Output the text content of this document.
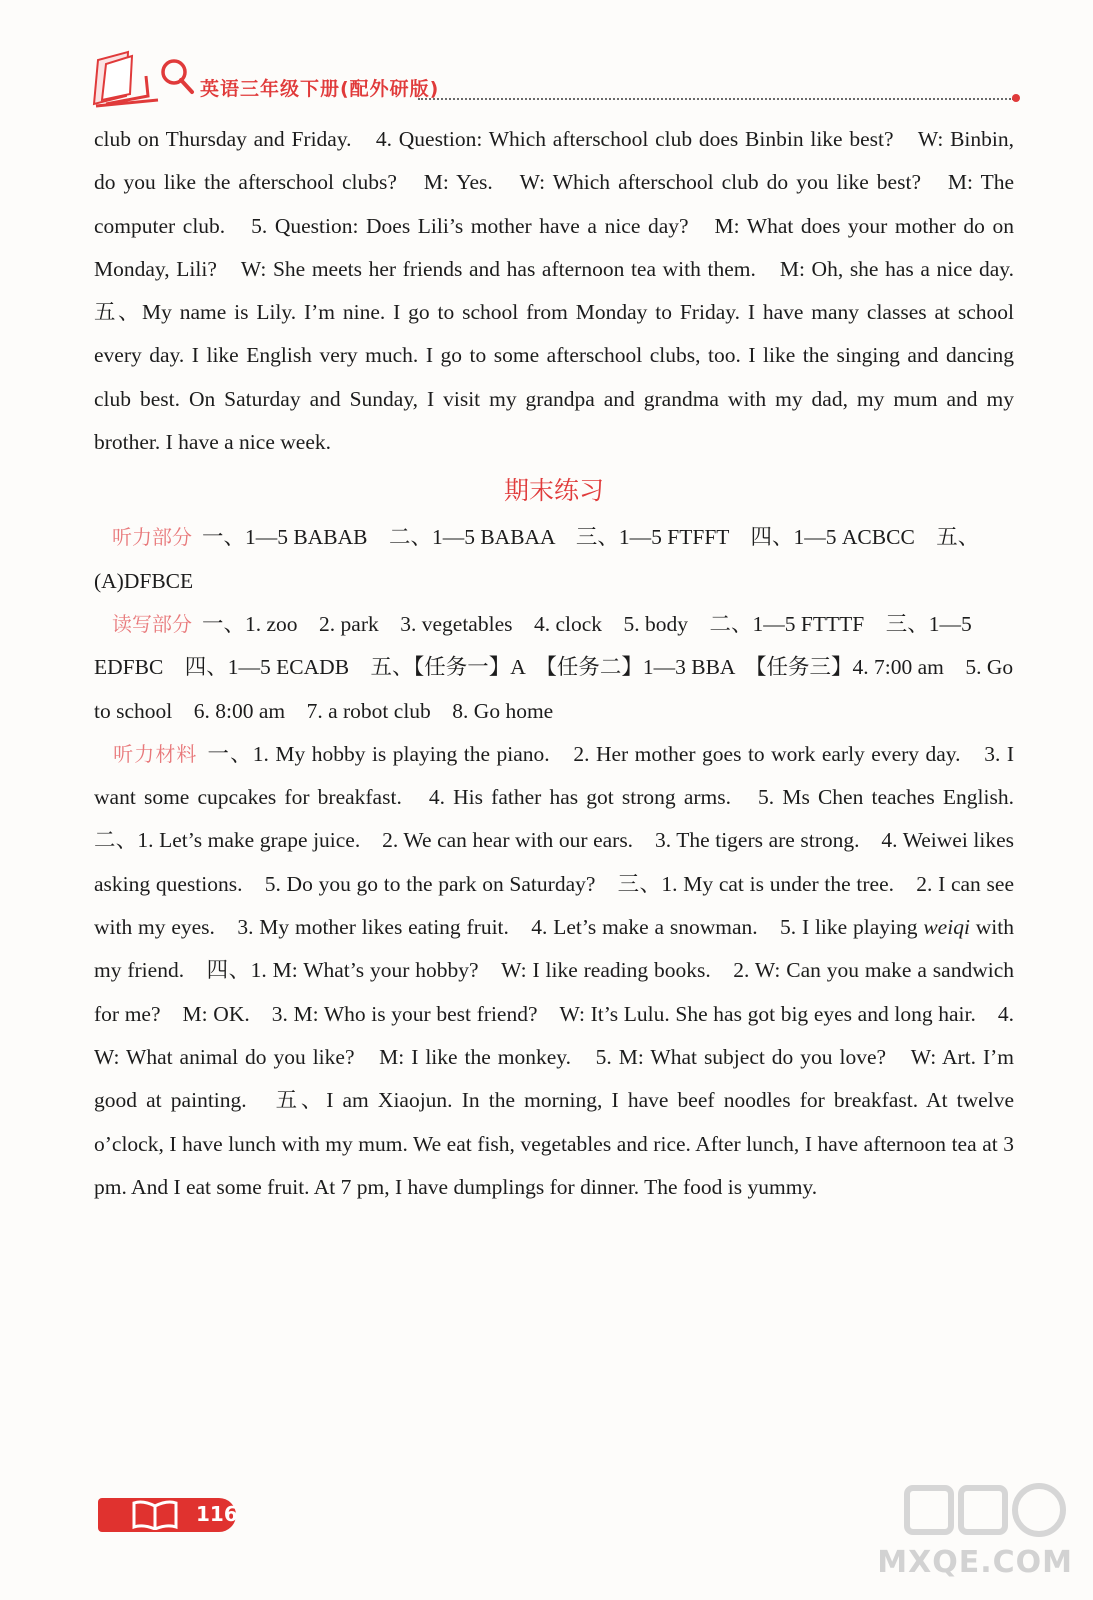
英语三年级下册(配外研版)

club on Thursday and Friday.　4. Question: Which afterschool club does Binbin like best?　W: Binbin, do you like the afterschool clubs?　M: Yes.　W: Which afterschool club do you like best?　M: The computer club.　5. Question: Does Lili’s mother have a nice day?　M: What does your mother do on Monday, Lili?　W: She meets her friends and has afternoon tea with them.　M: Oh, she has a nice day.　五、My name is Lily. I’m nine. I go to school from Monday to Friday. I have many classes at school every day. I like English very much. I go to some afterschool clubs, too. I like the singing and dancing club best. On Saturday and Sunday, I visit my grandpa and grandma with my dad, my mum and my brother. I have a nice week.

期末练习

听力部分 一、1—5 BABAB　二、1—5 BABAA　三、1—5 FTFFT　四、1—5 ACBCC　五、(A)DFBCE

读写部分 一、1. zoo　2. park　3. vegetables　4. clock　5. body　二、1—5 FTTTF　三、1—5 EDFBC　四、1—5 ECADB　五、【任务一】A　【任务二】1—3 BBA　【任务三】4. 7:00 am　5. Go to school　6. 8:00 am　7. a robot club　8. Go home

听力材料 一、1. My hobby is playing the piano.　2. Her mother goes to work early every day.　3. I want some cupcakes for breakfast.　4. His father has got strong arms.　5. Ms Chen teaches English.　二、1. Let’s make grape juice.　2. We can hear with our ears.　3. The tigers are strong.　4. Weiwei likes asking questions.　5. Do you go to the park on Saturday?　三、1. My cat is under the tree.　2. I can see with my eyes.　3. My mother likes eating fruit.　4. Let’s make a snowman.　5. I like playing weiqi with my friend.　四、1. M: What’s your hobby?　W: I like reading books.　2. W: Can you make a sandwich for me?　M: OK.　3. M: Who is your best friend?　W: It’s Lulu. She has got big eyes and long hair.　4. W: What animal do you like?　M: I like the monkey.　5. M: What subject do you love?　W: Art. I’m good at painting.　五、I am Xiaojun. In the morning, I have beef noodles for breakfast. At twelve o’clock, I have lunch with my mum. We eat fish, vegetables and rice. After lunch, I have afternoon tea at 3 pm. And I eat some fruit. At 7 pm, I have dumplings for dinner. The food is yummy.

116
MXQE.COM
